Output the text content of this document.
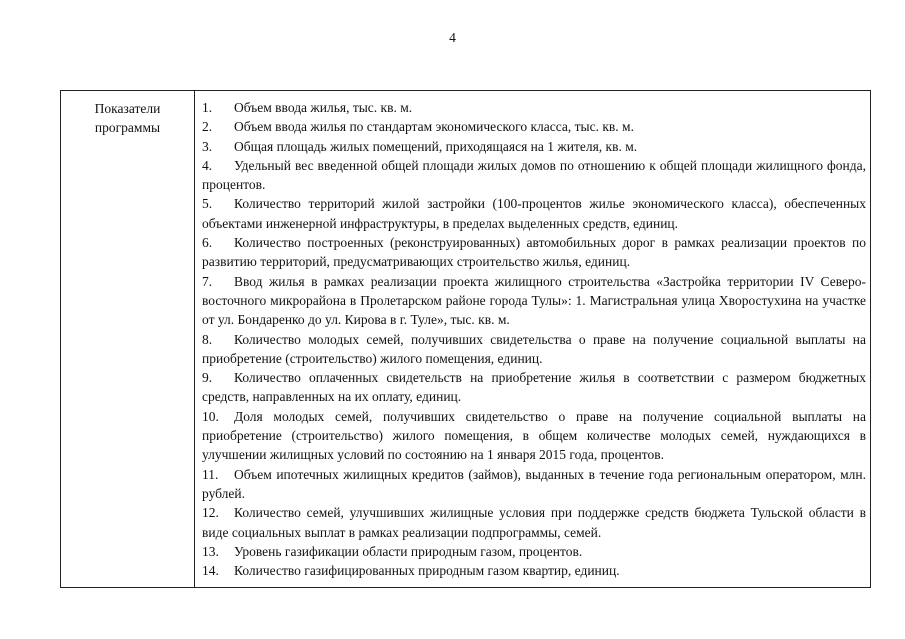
4
Показатели программы

1. Объем ввода жилья, тыс. кв. м.

2. Объем ввода жилья по стандартам экономического класса, тыс. кв. м.

3. Общая площадь жилых помещений, приходящаяся на 1 жителя, кв. м.

4. Удельный вес введенной общей площади жилых домов по отношению к общей площади жилищного фонда, процентов.

5. Количество территорий жилой застройки (100-процентов жилье экономического класса), обеспеченных объектами инженерной инфраструктуры, в пределах выделенных средств, единиц.

6. Количество построенных (реконструированных) автомобильных дорог в рамках реализации проектов по развитию территорий, предусматривающих строительство жилья, единиц.

7. Ввод жилья в рамках реализации проекта жилищного строительства «Застройка территории IV Северо-восточного микрорайона в Пролетарском районе города Тулы»: 1. Магистральная улица Хворостухина на участке от ул. Бондаренко до ул. Кирова в г. Туле», тыс. кв. м.

8. Количество молодых семей, получивших свидетельства о праве на получение социальной выплаты на приобретение (строительство) жилого помещения, единиц.

9. Количество оплаченных свидетельств на приобретение жилья в соответствии с размером бюджетных средств, направленных на их оплату, единиц.

10. Доля молодых семей, получивших свидетельство о праве на получение социальной выплаты на приобретение (строительство) жилого помещения, в общем количестве молодых семей, нуждающихся в улучшении жилищных условий по состоянию на 1 января 2015 года, процентов.

11. Объем ипотечных жилищных кредитов (займов), выданных в течение года региональным оператором, млн. рублей.

12. Количество семей, улучшивших жилищные условия при поддержке средств бюджета Тульской области в виде социальных выплат в рамках реализации подпрограммы, семей.

13. Уровень газификации области природным газом, процентов.

14. Количество газифицированных природным газом квартир, единиц.
